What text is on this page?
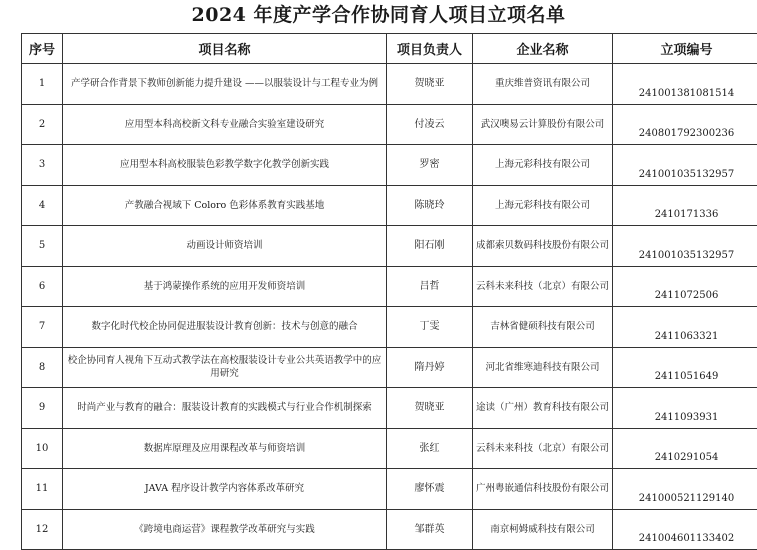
2024 年度产学合作协同育人项目立项名单
序号	项目名称	项目负责人	企业名称	立项编号
1	产学研合作背景下教师创新能力提升建设 ——以服装设计与工程专业为例	贺晓亚	重庆维普资讯有限公司	241001381081514
2	应用型本科高校新文科专业融合实验室建设研究	付凌云	武汉噢易云计算股份有限公司	240801792300236
3	应用型本科高校服装色彩教学数字化教学创新实践	罗密	上海元彩科技有限公司	241001035132957
4	产教融合视域下 Coloro 色彩体系教育实践基地	陈晓玲	上海元彩科技有限公司	2410171336
5	动画设计师资培训	阳石刚	成都索贝数码科技股份有限公司	241001035132957
6	基于鸿蒙操作系统的应用开发师资培训	吕哲	云科未来科技（北京）有限公司	2411072506
7	数字化时代校企协同促进服装设计教育创新：技术与创意的融合	丁雯	吉林省健硕科技有限公司	2411063321
8	校企协同育人视角下互动式教学法在高校服装设计专业公共英语教学中的应用研究	隋丹婷	河北省维寒迪科技有限公司	2411051649
9	时尚产业与教育的融合：服装设计教育的实践模式与行业合作机制探索	贺晓亚	途读（广州）教育科技有限公司	2411093931
10	数据库原理及应用课程改革与师资培训	张红	云科未来科技（北京）有限公司	2410291054
11	JAVA 程序设计教学内容体系改革研究	廖怀震	广州粤嵌通信科技股份有限公司	241000521129140
12	《跨境电商运营》课程教学改革研究与实践	邹群英	南京柯姆威科技有限公司	241004601133402
